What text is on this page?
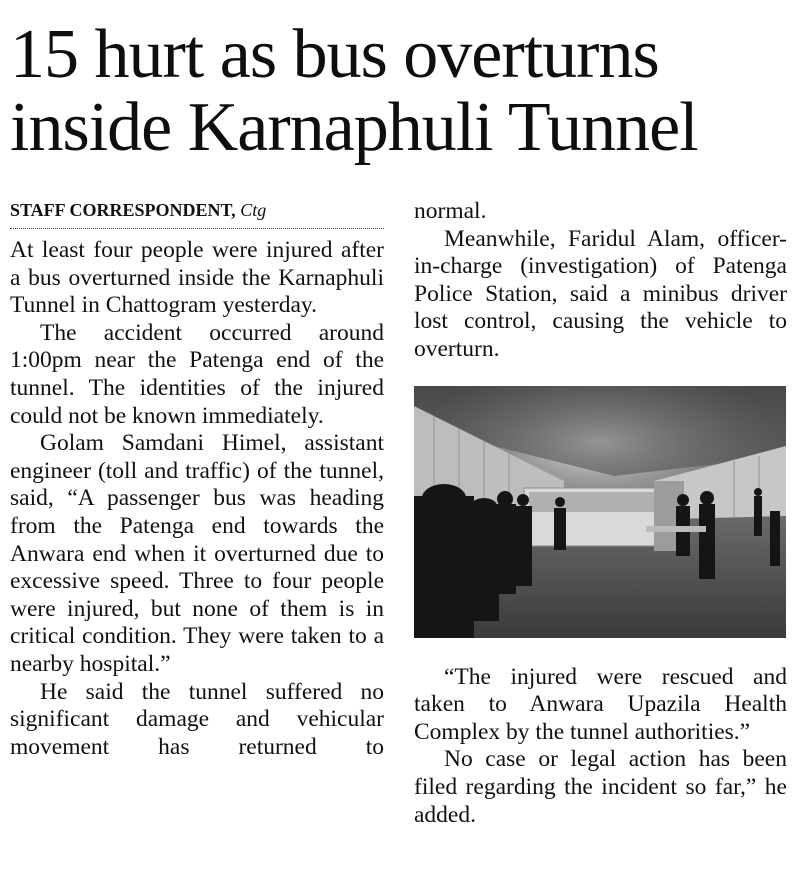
15 hurt as bus overturns
inside Karnaphuli Tunnel
STAFF CORRESPONDENT, Ctg

At least four people were injured after a bus overturned inside the Karnaphuli Tunnel in Chattogram yesterday.

The accident occurred around 1:00pm near the Patenga end of the tunnel. The identities of the injured could not be known immediately.

Golam Samdani Himel, assistant engineer (toll and traffic) of the tunnel, said, “A passenger bus was heading from the Patenga end towards the Anwara end when it overturned due to excessive speed. Three to four people were injured, but none of them is in critical condition. They were taken to a nearby hospital.”

He said the tunnel suffered no significant damage and vehicular movement has returned to

normal.

Meanwhile, Faridul Alam, officer-in-charge (investigation) of Patenga Police Station, said a minibus driver lost control, causing the vehicle to overturn.

“The injured were rescued and taken to Anwara Upazila Health Complex by the tunnel authorities.”

No case or legal action has been filed regarding the incident so far,” he added.
